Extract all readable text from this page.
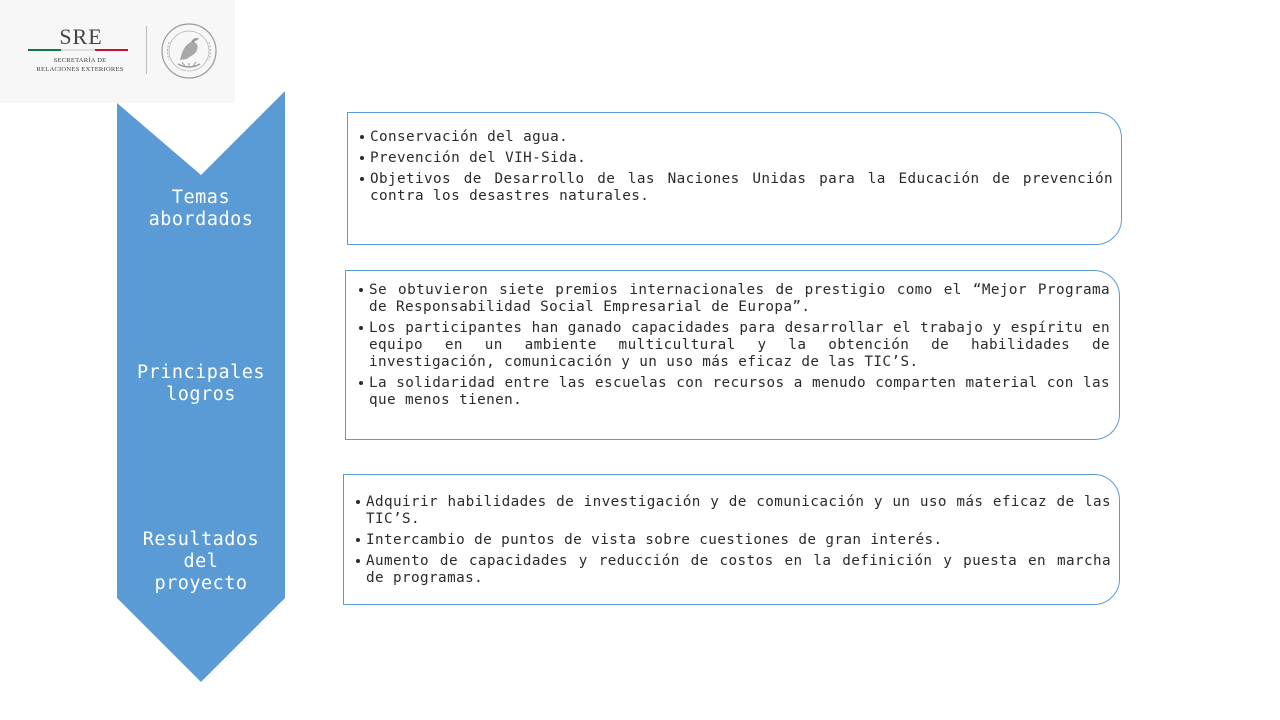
SRE
SECRETARÍA DE
RELACIONES EXTERIORES
Temas
abordados
Principales
logros
Resultados
del
proyecto
Conservación del agua.
Prevención del VIH-Sida.
Objetivos de Desarrollo de las Naciones Unidas para la Educación de prevención contra los desastres naturales.
Se obtuvieron siete premios internacionales de prestigio como el “Mejor Programa de Responsabilidad Social Empresarial de Europa”.
Los participantes han ganado capacidades para desarrollar el trabajo y espíritu en equipo en un ambiente multicultural y la obtención de habilidades de investigación, comunicación y un uso más eficaz de las TIC’S.
La solidaridad entre las escuelas con recursos a menudo comparten material con las que menos tienen.
Adquirir habilidades de investigación y de comunicación y un uso más eficaz de las TIC’S.
Intercambio de puntos de vista sobre cuestiones de gran interés.
Aumento de capacidades y reducción de costos en la definición y puesta en marcha de programas.
